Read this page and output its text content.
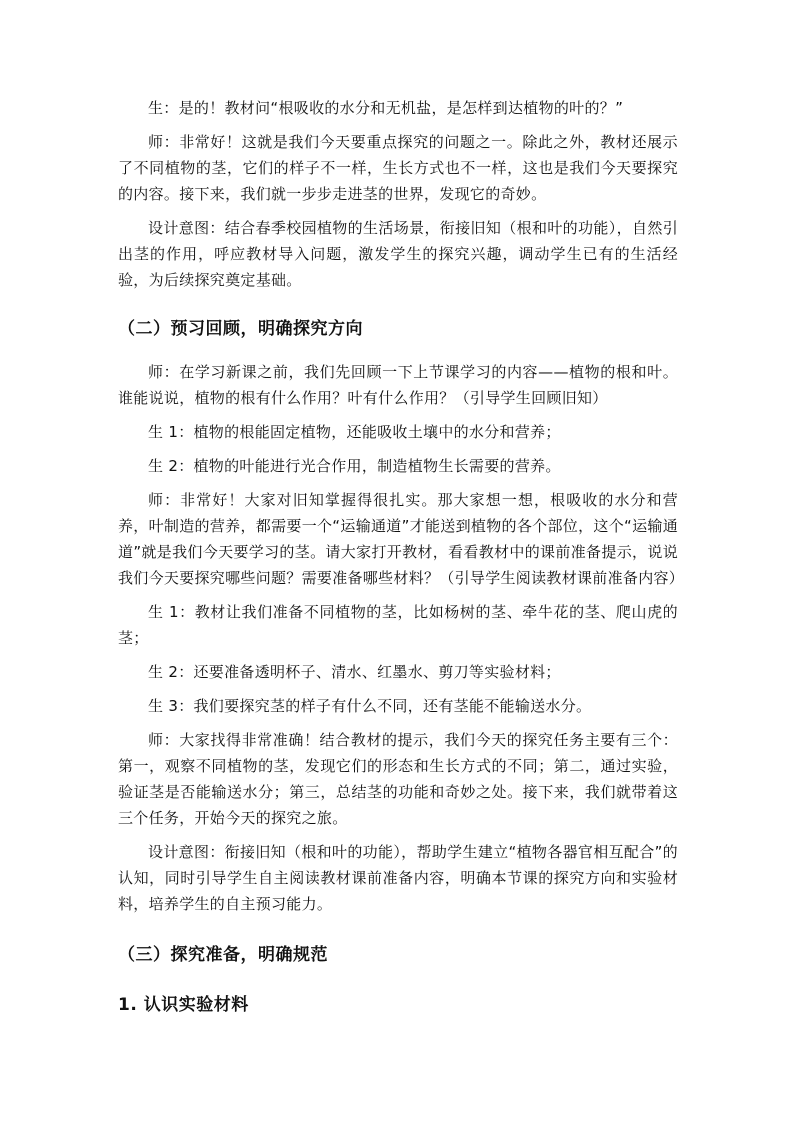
生：是的！教材问“根吸收的水分和无机盐，是怎样到达植物的叶的？”

师：非常好！这就是我们今天要重点探究的问题之一。除此之外，教材还展示了不同植物的茎，它们的样子不一样，生长方式也不一样，这也是我们今天要探究的内容。接下来，我们就一步步走进茎的世界，发现它的奇妙。

设计意图：结合春季校园植物的生活场景，衔接旧知（根和叶的功能），自然引出茎的作用，呼应教材导入问题，激发学生的探究兴趣，调动学生已有的生活经验，为后续探究奠定基础。

（二）预习回顾，明确探究方向

师：在学习新课之前，我们先回顾一下上节课学习的内容——植物的根和叶。谁能说说，植物的根有什么作用？叶有什么作用？（引导学生回顾旧知）

生 1：植物的根能固定植物，还能吸收土壤中的水分和营养；

生 2：植物的叶能进行光合作用，制造植物生长需要的营养。

师：非常好！大家对旧知掌握得很扎实。那大家想一想，根吸收的水分和营养，叶制造的营养，都需要一个“运输通道”才能送到植物的各个部位，这个“运输通道”就是我们今天要学习的茎。请大家打开教材，看看教材中的课前准备提示，说说我们今天要探究哪些问题？需要准备哪些材料？（引导学生阅读教材课前准备内容）

生 1：教材让我们准备不同植物的茎，比如杨树的茎、牵牛花的茎、爬山虎的茎；

生 2：还要准备透明杯子、清水、红墨水、剪刀等实验材料；

生 3：我们要探究茎的样子有什么不同，还有茎能不能输送水分。

师：大家找得非常准确！结合教材的提示，我们今天的探究任务主要有三个：第一，观察不同植物的茎，发现它们的形态和生长方式的不同；第二，通过实验，验证茎是否能输送水分；第三，总结茎的功能和奇妙之处。接下来，我们就带着这三个任务，开始今天的探究之旅。

设计意图：衔接旧知（根和叶的功能），帮助学生建立“植物各器官相互配合”的认知，同时引导学生自主阅读教材课前准备内容，明确本节课的探究方向和实验材料，培养学生的自主预习能力。

（三）探究准备，明确规范
1. 认识实验材料
